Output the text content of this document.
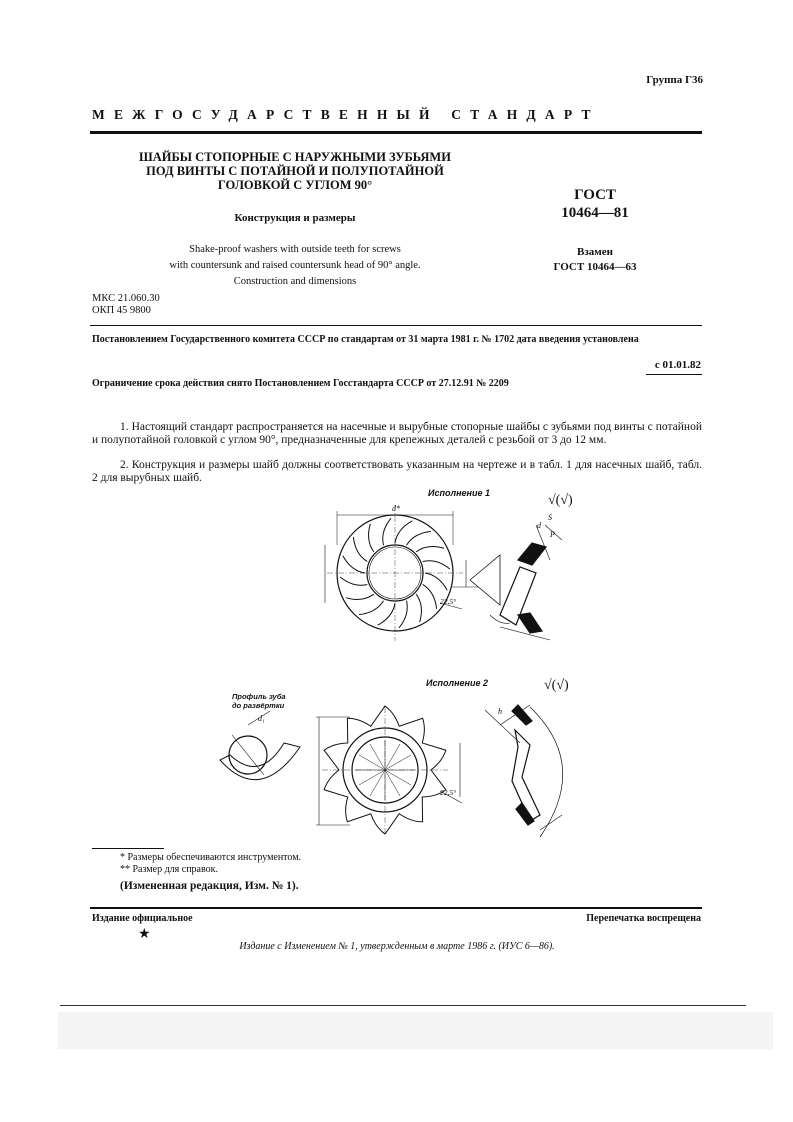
Группа Г36
МЕЖГОСУДАРСТВЕННЫЙ СТАНДАРТ
ШАЙБЫ СТОПОРНЫЕ С НАРУЖНЫМИ ЗУБЬЯМИ
ПОД ВИНТЫ С ПОТАЙНОЙ И ПОЛУПОТАЙНОЙ
ГОЛОВКОЙ С УГЛОМ 90°
Конструкция и размеры
Shake-proof washers with outside teeth for screws
with countersunk and raised countersunk head of 90° angle.
Construction and dimensions
ГОСТ
10464—81
Взамен
ГОСТ 10464—63
МКС 21.060.30
ОКП 45 9800
Постановлением Государственного комитета СССР по стандартам от 31 марта 1981 г. № 1702 дата введения установлена
с 01.01.82
Ограничение срока действия снято Постановлением Госстандарта СССР от 27.12.91 № 2209
1. Настоящий стандарт распространяется на насечные и вырубные стопорные шайбы с зубьями под винты с потайной и полупотайной головкой с углом 90°, предназначенные для крепежных деталей с резьбой от 3 до 12 мм.
2. Конструкция и размеры шайб должны соответствовать указанным на чертеже и в табл. 1 для насечных шайб, табл. 2 для вырубных шайб.
Исполнение 1
Исполнение 2
Профиль зуба
до развёртки
√(√)
√(√)
d*
22,5°
22,5°
S
P
d
d₁
h
* Размеры обеспечиваются инструментом.
** Размер для справок.
(Измененная редакция, Изм. № 1).
Издание официальное	Перепечатка воспрещена
★
Издание с Изменением № 1, утвержденным в марте 1986 г. (ИУС 6—86).
